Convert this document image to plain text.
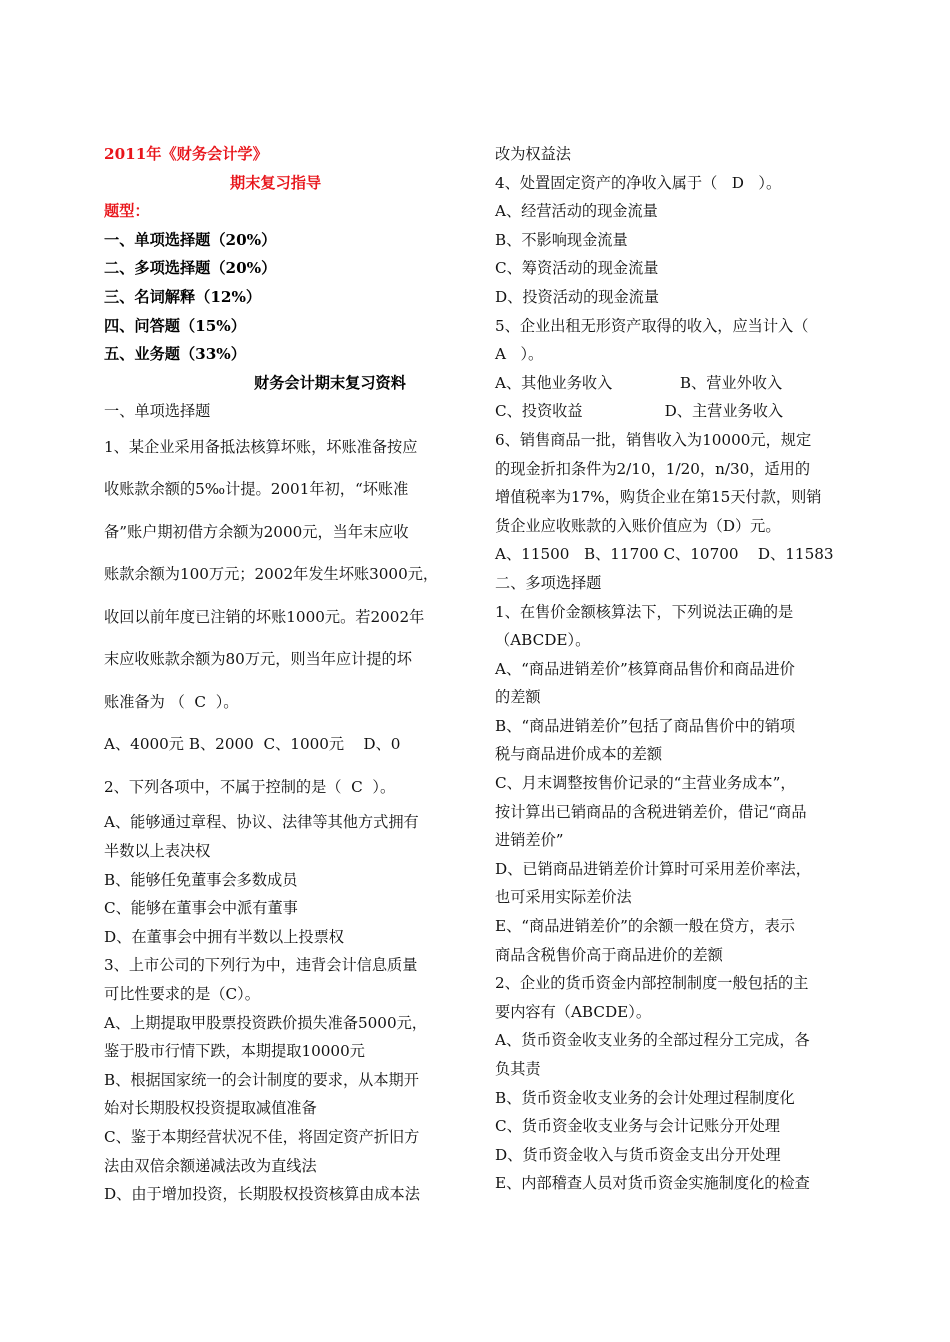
2011年《财务会计学》
期末复习指导
题型：
一、单项选择题（20%）
二、多项选择题（20%）
三、名词解释（12%）
四、问答题（15%）
五、业务题（33%）
财务会计期末复习资料
一、单项选择题
1、某企业采用备抵法核算坏账，坏账准备按应
收账款余额的5‰计提。2001年初，“坏账准
备”账户期初借方余额为2000元，当年末应收
账款余额为100万元；2002年发生坏账3000元，
收回以前年度已注销的坏账1000元。若2002年
末应收账款余额为80万元，则当年应计提的坏
账准备为 （  C  ）。
A、4000元 B、2000  C、1000元    D、0
2、下列各项中，不属于控制的是（  C  ）。
A、能够通过章程、协议、法律等其他方式拥有
半数以上表决权
B、能够任免董事会多数成员
C、能够在董事会中派有董事
D、在董事会中拥有半数以上投票权
3、上市公司的下列行为中，违背会计信息质量
可比性要求的是（C）。
A、上期提取甲股票投资跌价损失准备5000元，
鉴于股市行情下跌，本期提取10000元
B、根据国家统一的会计制度的要求，从本期开
始对长期股权投资提取减值准备
C、鉴于本期经营状况不佳，将固定资产折旧方
法由双倍余额递减法改为直线法
D、由于增加投资，长期股权投资核算由成本法
改为权益法
4、处置固定资产的净收入属于（   D   ）。
A、经营活动的现金流量
B、不影响现金流量
C、筹资活动的现金流量
D、投资活动的现金流量
5、企业出租无形资产取得的收入，应当计入（
A   ）。
A、其他业务收入              B、营业外收入
C、投资收益                 D、主营业务收入
6、销售商品一批，销售收入为10000元，规定
的现金折扣条件为2/10，1/20，n/30，适用的
增值税率为17%，购货企业在第15天付款，则销
货企业应收账款的入账价值应为（D）元。
A、11500   B、11700 C、10700    D、11583
二、多项选择题
1、在售价金额核算法下，下列说法正确的是
（ABCDE）。
A、“商品进销差价”核算商品售价和商品进价
的差额
B、“商品进销差价”包括了商品售价中的销项
税与商品进价成本的差额
C、月末调整按售价记录的“主营业务成本”，
按计算出已销商品的含税进销差价，借记“商品
进销差价”
D、已销商品进销差价计算时可采用差价率法，
也可采用实际差价法
E、“商品进销差价”的余额一般在贷方，表示
商品含税售价高于商品进价的差额
2、企业的货币资金内部控制制度一般包括的主
要内容有（ABCDE）。
A、货币资金收支业务的全部过程分工完成，各
负其责
B、货币资金收支业务的会计处理过程制度化
C、货币资金收支业务与会计记账分开处理
D、货币资金收入与货币资金支出分开处理
E、内部稽查人员对货币资金实施制度化的检查
